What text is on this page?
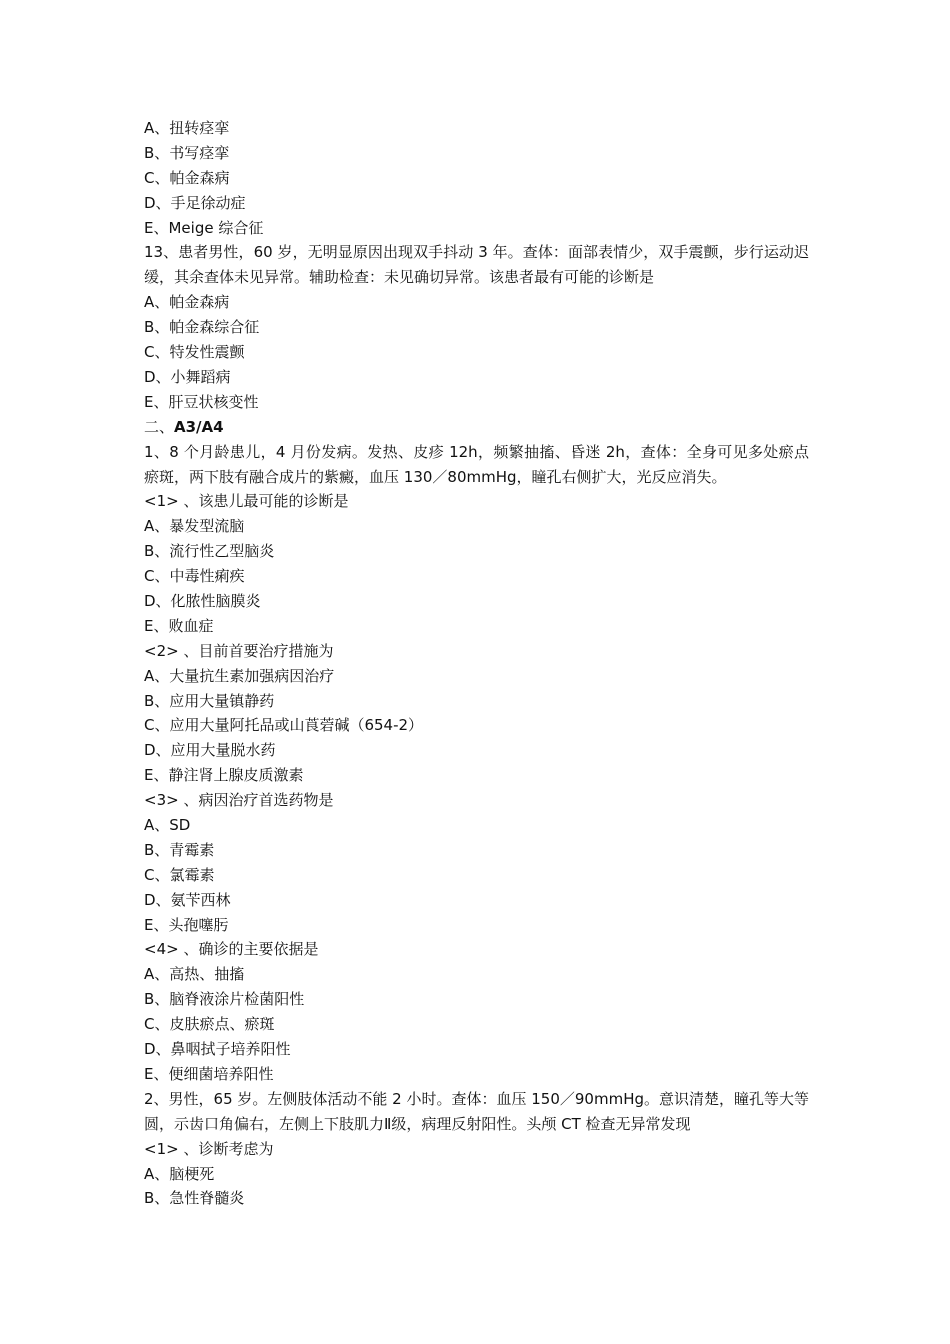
A、扭转痉挛
B、书写痉挛
C、帕金森病
D、手足徐动症
E、Meige 综合征
13、患者男性，60 岁，无明显原因出现双手抖动 3 年。查体：面部表情少，双手震颤，步行运动迟缓，其余查体未见异常。辅助检查：未见确切异常。该患者最有可能的诊断是
A、帕金森病
B、帕金森综合征
C、特发性震颤
D、小舞蹈病
E、肝豆状核变性
二、A3/A4
1、8 个月龄患儿，4 月份发病。发热、皮疹 12h，频繁抽搐、昏迷 2h，查体：全身可见多处瘀点瘀斑，两下肢有融合成片的紫癜，血压 130／80mmHg，瞳孔右侧扩大，光反应消失。
<1> 、该患儿最可能的诊断是
A、暴发型流脑
B、流行性乙型脑炎
C、中毒性痢疾
D、化脓性脑膜炎
E、败血症
<2> 、目前首要治疗措施为
A、大量抗生素加强病因治疗
B、应用大量镇静药
C、应用大量阿托品或山莨菪碱（654-2）
D、应用大量脱水药
E、静注肾上腺皮质激素
<3> 、病因治疗首选药物是
A、SD
B、青霉素
C、氯霉素
D、氨苄西林
E、头孢噻肟
<4> 、确诊的主要依据是
A、高热、抽搐
B、脑脊液涂片检菌阳性
C、皮肤瘀点、瘀斑
D、鼻咽拭子培养阳性
E、便细菌培养阳性
2、男性，65 岁。左侧肢体活动不能 2 小时。查体：血压 150／90mmHg。意识清楚，瞳孔等大等圆，示齿口角偏右，左侧上下肢肌力Ⅱ级，病理反射阳性。头颅 CT 检查无异常发现
<1> 、诊断考虑为
A、脑梗死
B、急性脊髓炎
